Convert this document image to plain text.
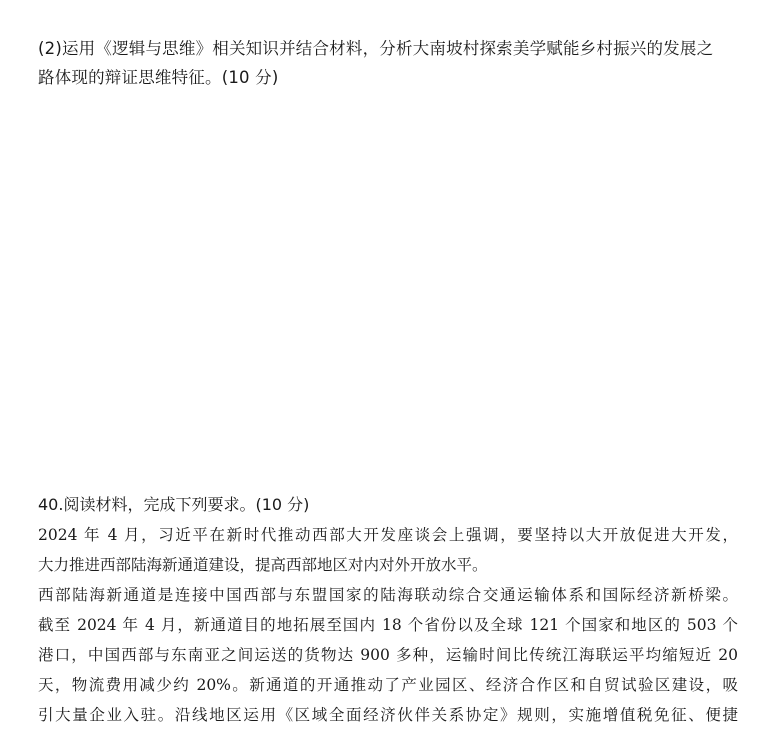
(2)运用《逻辑与思维》相关知识并结合材料，分析大南坡村探索美学赋能乡村振兴的发展之
路体现的辩证思维特征。(10 分)
40.阅读材料，完成下列要求。(10 分)
2024 年 4 月，习近平在新时代推动西部大开发座谈会上强调，要坚持以大开放促进大开发，
大力推进西部陆海新通道建设，提高西部地区对内对外开放水平。
西部陆海新通道是连接中国西部与东盟国家的陆海联动综合交通运输体系和国际经济新桥梁。
截至 2024 年 4 月，新通道目的地拓展至国内 18 个省份以及全球 121 个国家和地区的 503 个
港口，中国西部与东南亚之间运送的货物达 900 多种，运输时间比传统江海联运平均缩短近 20
天，物流费用减少约 20%。新通道的开通推动了产业园区、经济合作区和自贸试验区建设，吸
引大量企业入驻。沿线地区运用《区域全面经济伙伴关系协定》规则，实施增值税免征、便捷
